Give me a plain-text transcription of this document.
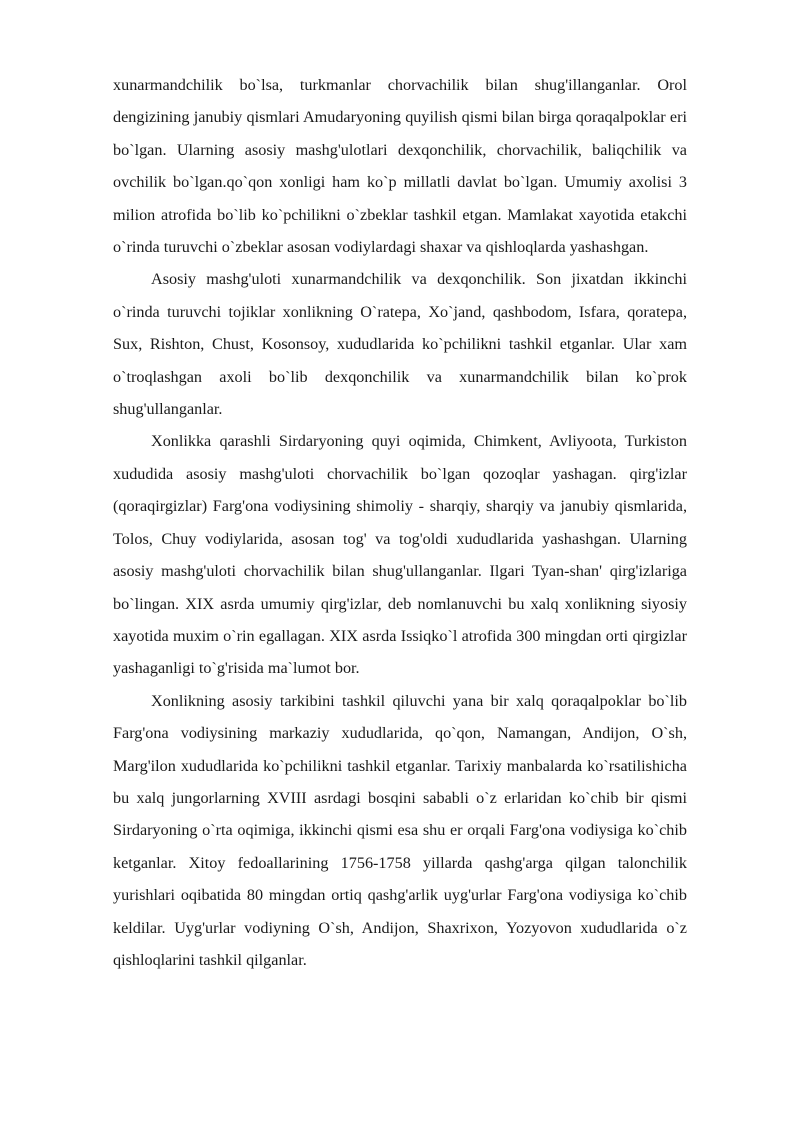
xunarmandchilik bo`lsa, turkmanlar chorvachilik bilan shug'illanganlar. Orol dengizining janubiy qismlari Amudaryoning quyilish qismi bilan birga qoraqalpoklar eri bo`lgan. Ularning asosiy mashg'ulotlari dexqonchilik, chorvachilik, baliqchilik va ovchilik bo`lgan.qo`qon xonligi ham ko`p millatli davlat bo`lgan. Umumiy axolisi 3 milion atrofida bo`lib ko`pchilikni o`zbeklar tashkil etgan. Mamlakat xayotida etakchi o`rinda turuvchi o`zbeklar asosan vodiylardagi shaxar va qishloqlarda yashashgan.

Asosiy mashg'uloti xunarmandchilik va dexqonchilik. Son jixatdan ikkinchi o`rinda turuvchi tojiklar xonlikning O`ratepa, Xo`jand, qashbodom, Isfara, qoratepa, Sux, Rishton, Chust, Kosonsoy, xududlarida ko`pchilikni tashkil etganlar. Ular xam o`troqlashgan axoli bo`lib dexqonchilik va xunarmandchilik bilan ko`prok shug'ullanganlar.

Xonlikka qarashli Sirdaryoning quyi oqimida, Chimkent, Avliyoota, Turkiston xududida asosiy mashg'uloti chorvachilik bo`lgan qozoqlar yashagan. qirg'izlar (qoraqirgizlar) Farg'ona vodiysining shimoliy - sharqiy, sharqiy va janubiy qismlarida, Tolos, Chuy vodiylarida, asosan tog' va tog'oldi xududlarida yashashgan. Ularning asosiy mashg'uloti chorvachilik bilan shug'ullanganlar. Ilgari Tyan-shan' qirg'izlariga bo`lingan. XIX asrda umumiy qirg'izlar, deb nomlanuvchi bu xalq xonlikning siyosiy xayotida muxim o`rin egallagan. XIX asrda Issiqko`l atrofida 300 mingdan orti qirgizlar yashaganligi to`g'risida ma`lumot bor.

Xonlikning asosiy tarkibini tashkil qiluvchi yana bir xalq qoraqalpoklar bo`lib Farg'ona vodiysining markaziy xududlarida, qo`qon, Namangan, Andijon, O`sh, Marg'ilon xududlarida ko`pchilikni tashkil etganlar. Tarixiy manbalarda ko`rsatilishicha bu xalq jungorlarning XVIII asrdagi bosqini sababli o`z erlaridan ko`chib bir qismi Sirdaryoning o`rta oqimiga, ikkinchi qismi esa shu er orqali Farg'ona vodiysiga ko`chib ketganlar. Xitoy fedoallarining 1756-1758 yillarda qashg'arga qilgan talonchilik yurishlari oqibatida 80 mingdan ortiq qashg'arlik uyg'urlar Farg'ona vodiysiga ko`chib keldilar. Uyg'urlar vodiyning O`sh, Andijon, Shaxrixon, Yozyovon xududlarida o`z qishloqlarini tashkil qilganlar.
